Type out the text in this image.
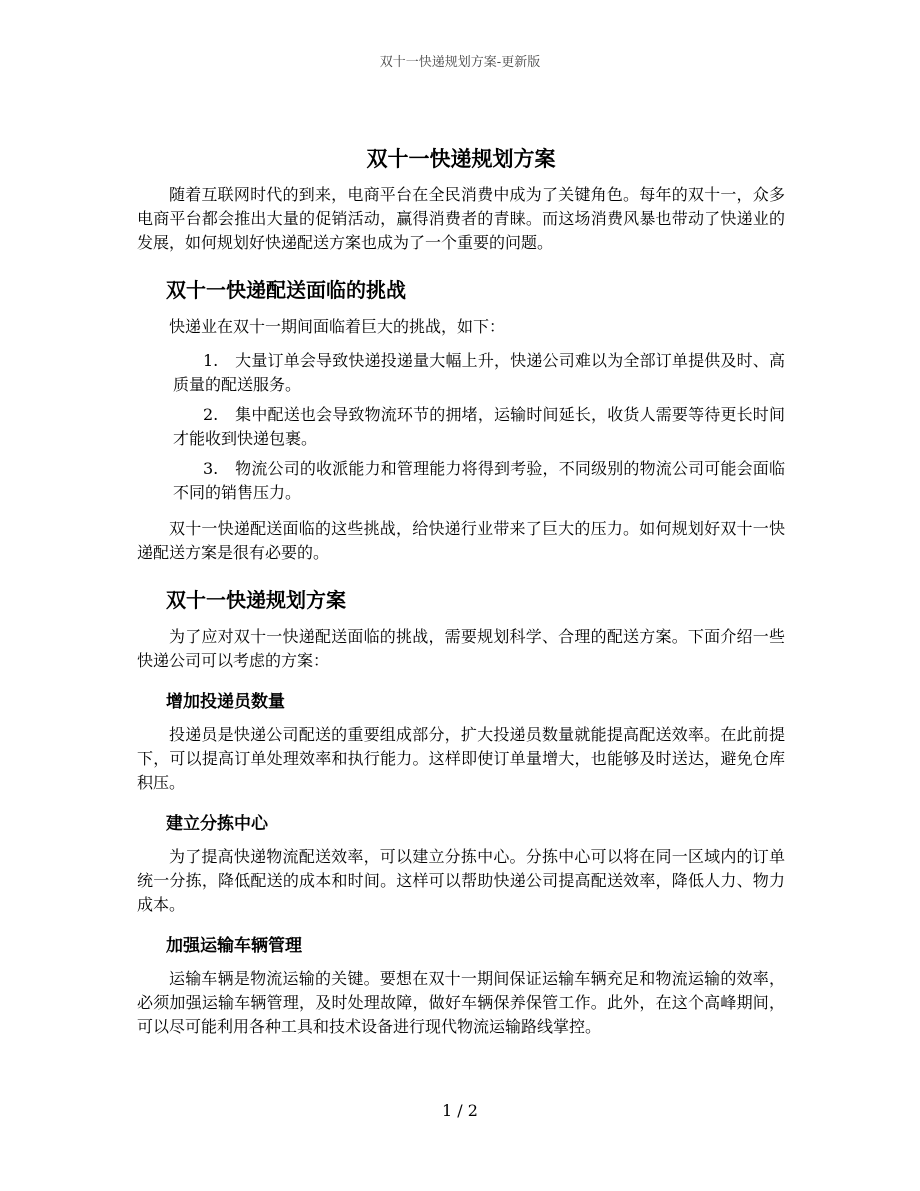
双十一快递规划方案-更新版
双十一快递规划方案

随着互联网时代的到来，电商平台在全民消费中成为了关键角色。每年的双十一，众多电商平台都会推出大量的促销活动，赢得消费者的青睐。而这场消费风暴也带动了快递业的发展，如何规划好快递配送方案也成为了一个重要的问题。

双十一快递配送面临的挑战

快递业在双十一期间面临着巨大的挑战，如下：

1. 大量订单会导致快递投递量大幅上升，快递公司难以为全部订单提供及时、高质量的配送服务。
2. 集中配送也会导致物流环节的拥堵，运输时间延长，收货人需要等待更长时间才能收到快递包裹。
3. 物流公司的收派能力和管理能力将得到考验，不同级别的物流公司可能会面临不同的销售压力。

双十一快递配送面临的这些挑战，给快递行业带来了巨大的压力。如何规划好双十一快递配送方案是很有必要的。

双十一快递规划方案

为了应对双十一快递配送面临的挑战，需要规划科学、合理的配送方案。下面介绍一些快递公司可以考虑的方案：

增加投递员数量

投递员是快递公司配送的重要组成部分，扩大投递员数量就能提高配送效率。在此前提下，可以提高订单处理效率和执行能力。这样即使订单量增大，也能够及时送达，避免仓库积压。

建立分拣中心

为了提高快递物流配送效率，可以建立分拣中心。分拣中心可以将在同一区域内的订单统一分拣，降低配送的成本和时间。这样可以帮助快递公司提高配送效率，降低人力、物力成本。

加强运输车辆管理

运输车辆是物流运输的关键。要想在双十一期间保证运输车辆充足和物流运输的效率，必须加强运输车辆管理，及时处理故障，做好车辆保养保管工作。此外，在这个高峰期间，可以尽可能利用各种工具和技术设备进行现代物流运输路线掌控。

1 / 2
